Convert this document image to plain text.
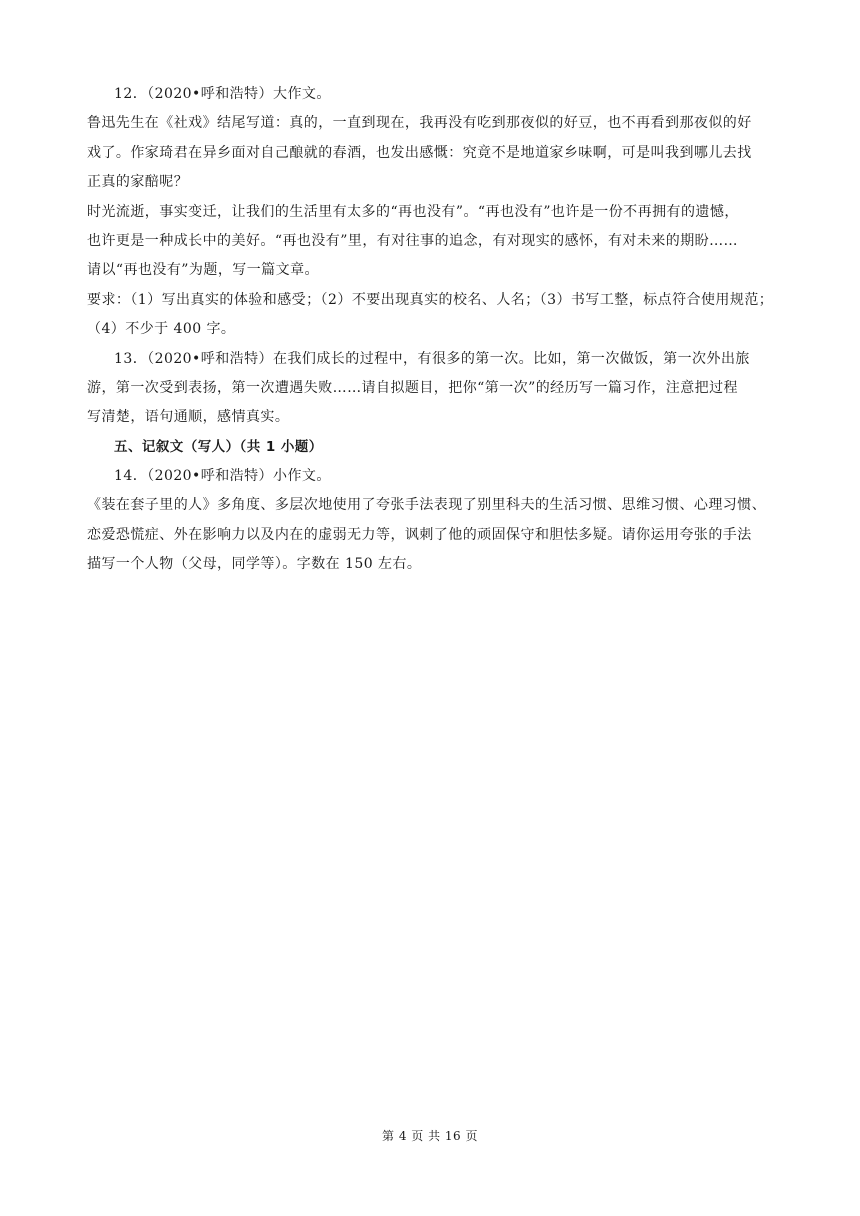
12．（2020•呼和浩特）大作文。
鲁迅先生在《社戏》结尾写道：真的，一直到现在，我再没有吃到那夜似的好豆，也不再看到那夜似的好
戏了。作家琦君在异乡面对自己酿就的春酒，也发出感慨：究竟不是地道家乡味啊，可是叫我到哪儿去找
正真的家醅呢？
时光流逝，事实变迁，让我们的生活里有太多的“再也没有”。“再也没有”也许是一份不再拥有的遗憾，
也许更是一种成长中的美好。“再也没有”里，有对往事的追念，有对现实的感怀，有对未来的期盼……
请以“再也没有”为题，写一篇文章。
要求：（1）写出真实的体验和感受；（2）不要出现真实的校名、人名；（3）书写工整，标点符合使用规范；
（4）不少于 400 字。
13．（2020•呼和浩特）在我们成长的过程中，有很多的第一次。比如，第一次做饭，第一次外出旅
游，第一次受到表扬，第一次遭遇失败……请自拟题目，把你“第一次”的经历写一篇习作，注意把过程
写清楚，语句通顺，感情真实。
五、记叙文（写人）（共 1 小题）
14．（2020•呼和浩特）小作文。
《装在套子里的人》多角度、多层次地使用了夸张手法表现了别里科夫的生活习惯、思维习惯、心理习惯、
恋爱恐慌症、外在影响力以及内在的虚弱无力等，讽刺了他的顽固保守和胆怯多疑。请你运用夸张的手法
描写一个人物（父母，同学等）。字数在 150 左右。
第 4 页 共 16 页
